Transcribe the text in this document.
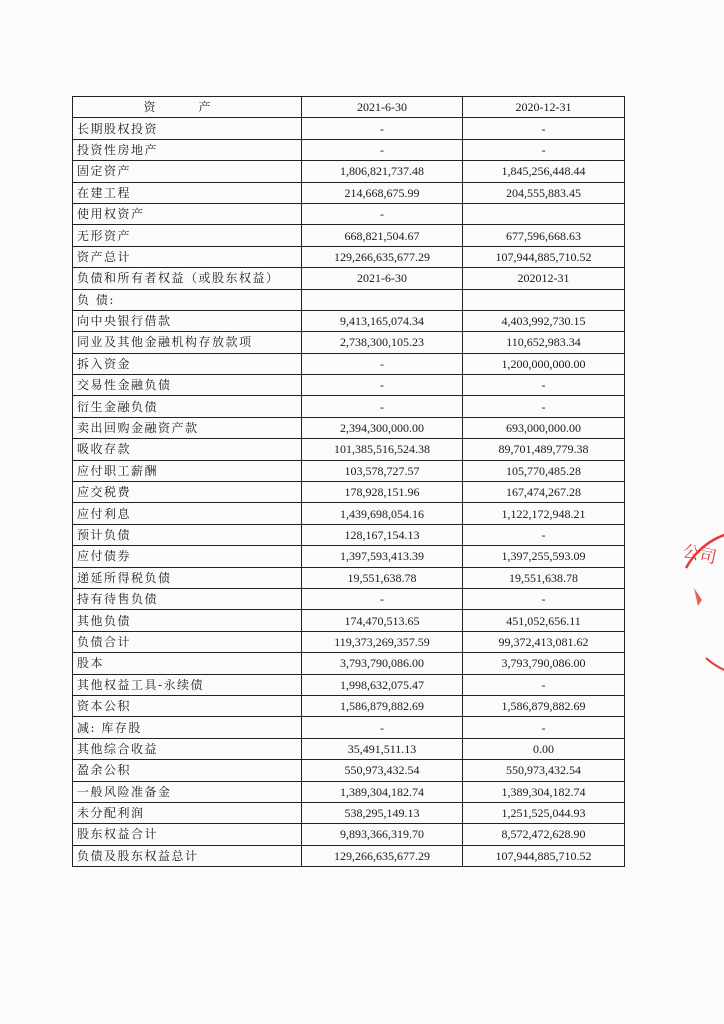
资 产	2021-6-30	2020-12-31
长期股权投资	-	-
投资性房地产	-	-
固定资产	1,806,821,737.48	1,845,256,448.44
在建工程	214,668,675.99	204,555,883.45
使用权资产	-	
无形资产	668,821,504.67	677,596,668.63
资产总计	129,266,635,677.29	107,944,885,710.52
负债和所有者权益（或股东权益）	2021-6-30	202012-31
负 债:		
向中央银行借款	9,413,165,074.34	4,403,992,730.15
同业及其他金融机构存放款项	2,738,300,105.23	110,652,983.34
拆入资金	-	1,200,000,000.00
交易性金融负债	-	-
衍生金融负债	-	-
卖出回购金融资产款	2,394,300,000.00	693,000,000.00
吸收存款	101,385,516,524.38	89,701,489,779.38
应付职工薪酬	103,578,727.57	105,770,485.28
应交税费	178,928,151.96	167,474,267.28
应付利息	1,439,698,054.16	1,122,172,948.21
预计负债	128,167,154.13	-
应付债券	1,397,593,413.39	1,397,255,593.09
递延所得税负债	19,551,638.78	19,551,638.78
持有待售负债	-	-
其他负债	174,470,513.65	451,052,656.11
负债合计	119,373,269,357.59	99,372,413,081.62
股本	3,793,790,086.00	3,793,790,086.00
其他权益工具-永续债	1,998,632,075.47	-
资本公积	1,586,879,882.69	1,586,879,882.69
减: 库存股	-	-
其他综合收益	35,491,511.13	0.00
盈余公积	550,973,432.54	550,973,432.54
一般风险准备金	1,389,304,182.74	1,389,304,182.74
未分配利润	538,295,149.13	1,251,525,044.93
股东权益合计	9,893,366,319.70	8,572,472,628.90
负债及股东权益总计	129,266,635,677.29	107,944,885,710.52
公司
